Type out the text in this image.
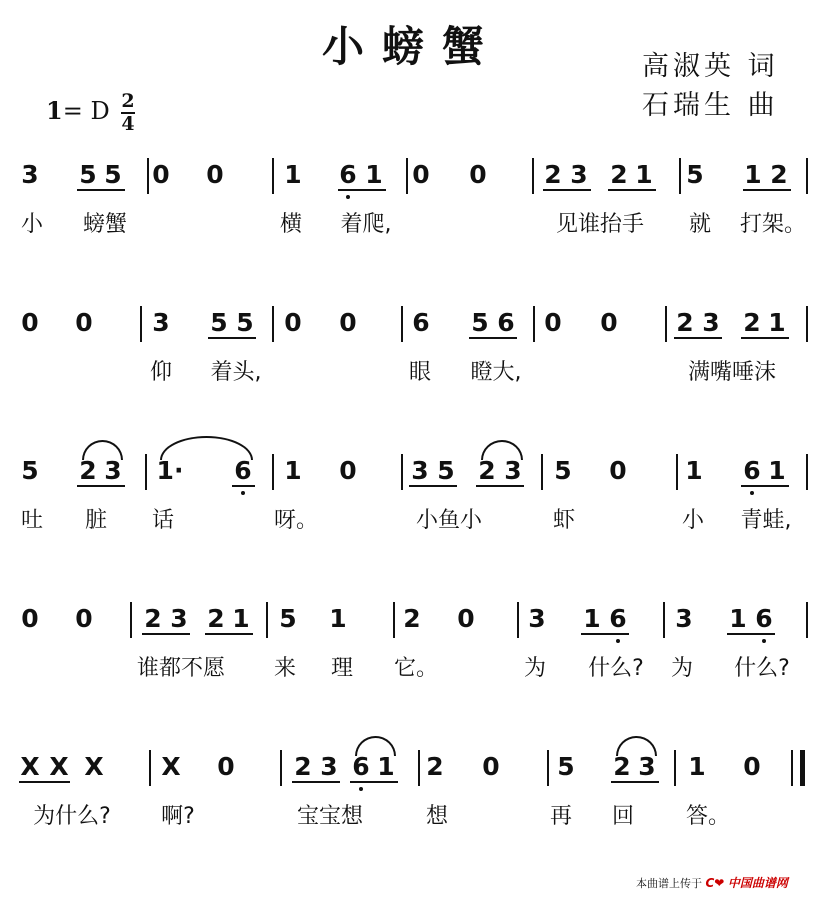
小螃蟹	高淑英 词
石瑞生 曲
1= D 2
4
3 5 5 0 0 1 6 1 0 0 2 3 2 1 5 1 2
小 螃蟹	横 着爬,	见谁抬手 就 打架。
0 0 3 5 5 0 0 6 5 6 0 0 2 3 2 1
仰 着头,	眼 瞪大,	满嘴唾沫
5 2 3 1· 6 1 0 3 5 2 3 5 0 1 6 1
吐 脏 话	呀。	小鱼小	虾	小 青蛙,
0 0 2 3 2 1 5 1 2 0 3 1 6 3 1 6
谁都不愿 来 理 它。	为 什么? 为 什么?
X X X X 0 2 3 6 1 2 0 5 2 3 1 0
为什么? 啊?	宝宝想	想	再 回 答。
本曲谱上传于 C❤ 中国曲谱网
